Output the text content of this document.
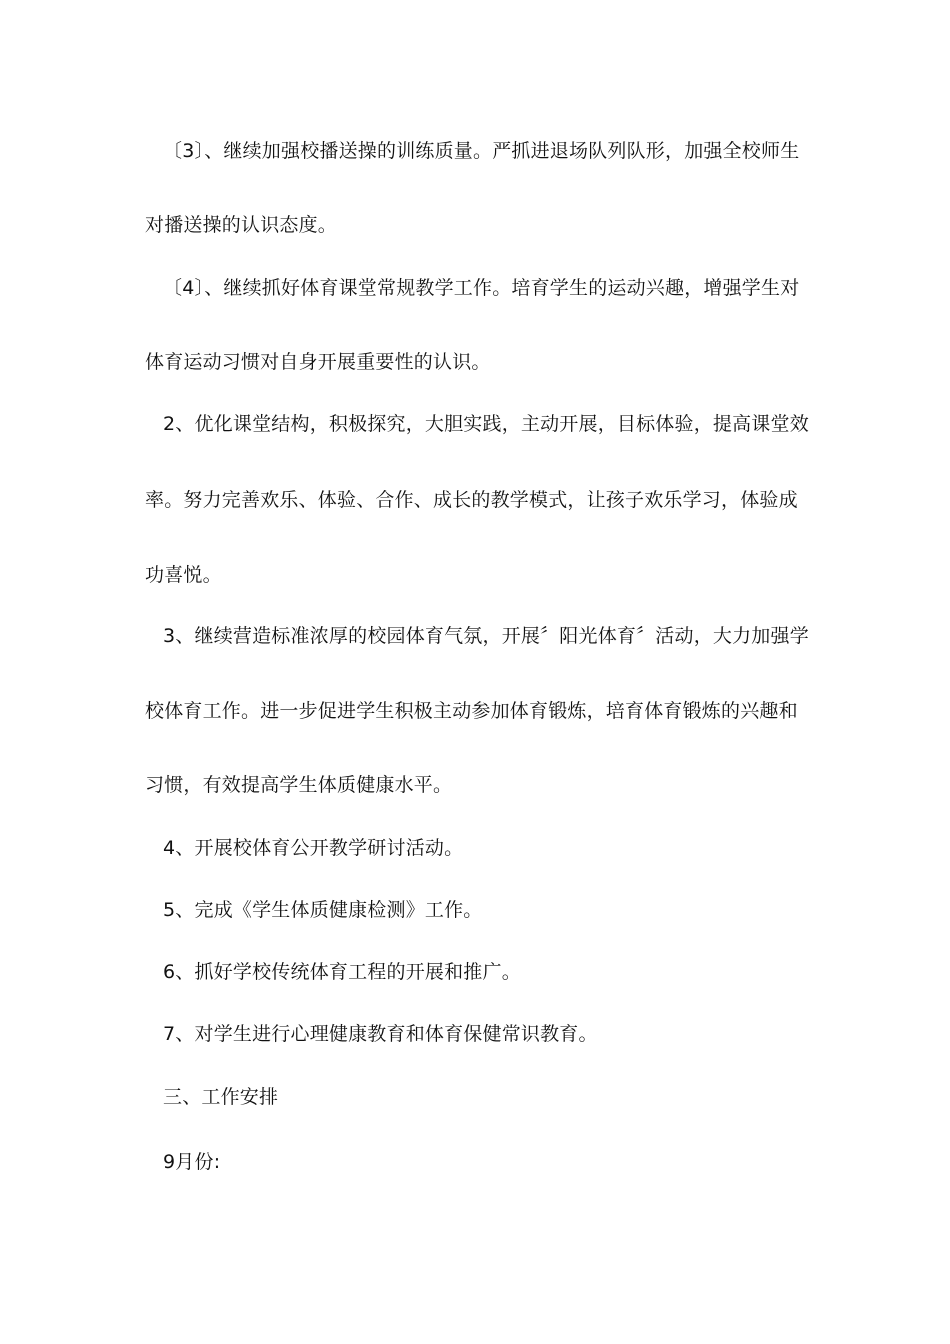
〔3〕、继续加强校播送操的训练质量。严抓进退场队列队形，加强全校师生
对播送操的认识态度。
〔4〕、继续抓好体育课堂常规教学工作。培育学生的运动兴趣，增强学生对
体育运动习惯对自身开展重要性的认识。
2、优化课堂结构，积极探究，大胆实践，主动开展，目标体验，提高课堂效
率。努力完善欢乐、体验、合作、成长的教学模式，让孩子欢乐学习，体验成
功喜悦。
3、继续营造标准浓厚的校园体育气氛，开展〞阳光体育〞活动，大力加强学
校体育工作。进一步促进学生积极主动参加体育锻炼，培育体育锻炼的兴趣和
习惯，有效提高学生体质健康水平。
4、开展校体育公开教学研讨活动。
5、完成《学生体质健康检测》工作。
6、抓好学校传统体育工程的开展和推广。
7、对学生进行心理健康教育和体育保健常识教育。
三、工作安排
9月份:
